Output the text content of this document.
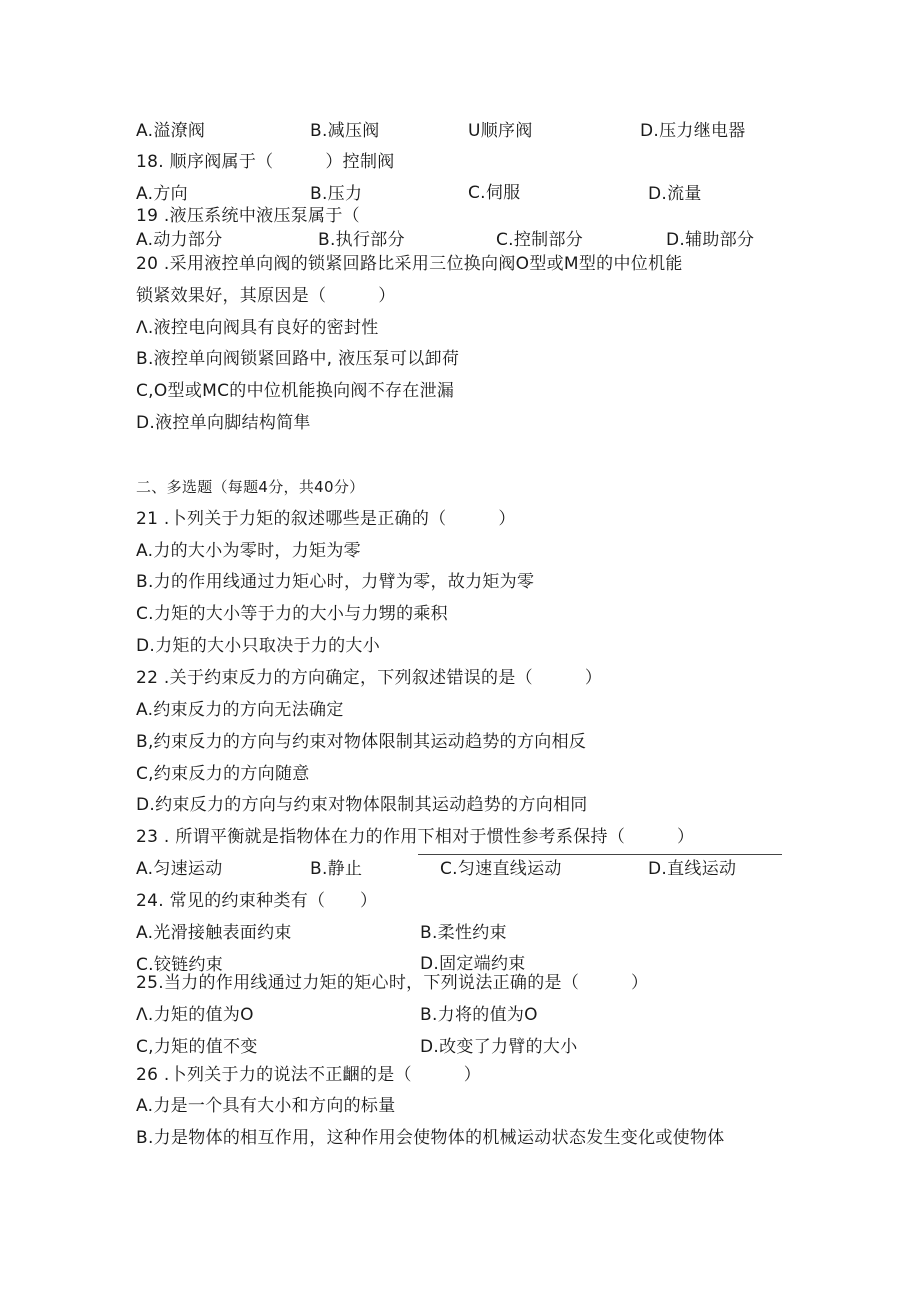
A.溢潦阀	B.减压阀	U顺序阀	D.压力继电器
18. 顺序阀属于（　　　）控制阀
A.方向	B.压力	C.伺服	D.流量
19 .液压系统中液压泵属于（
A.动力部分	B.执行部分	C.控制部分	D.辅助部分
20 .采用液控单向阀的锁紧回路比采用三位换向阀O型或M型的中位机能
锁紧效果好，其原因是（　　　）
Λ.液控电向阀具有良好的密封性
B.液控单向阀锁紧回路中, 液压泵可以卸荷
C,O型或MC的中位机能换向阀不存在泄漏
D.液控单向脚结构简隼
二、多选题（每题4分，共40分）
21 .卜列关于力矩的叙述哪些是正确的（　　　）
A.力的大小为零时，力矩为零
B.力的作用线通过力矩心时，力臂为零，故力矩为零
C.力矩的大小等于力的大小与力甥的乘积
D.力矩的大小只取决于力的大小
22 .关于约束反力的方向确定，下列叙述错误的是（　　　）
A.约束反力的方向无法确定
B,约束反力的方向与约束对物体限制其运动趋势的方向相反
C,约束反力的方向随意
D.约束反力的方向与约束对物体限制其运动趋势的方向相同
23 . 所谓平衡就是指物体在力的作用下相对于惯性参考系保持（　　　）
A.匀速运动	B.静止	C.匀速直线运动	D.直线运动
24. 常见的约束种类有（　　）
A.光滑接触表面约束	B.柔性约束
C.铰链约束	D.固定端约束
25.当力的作用线通过力矩的矩心时，下列说法正确的是（　　　）
Λ.力矩的值为O	B.力将的值为O
C,力矩的值不变	D.改变了力臂的大小
26 .卜列关于力的说法不正齫的是（　　　）
A.力是一个具有大小和方向的标量
B.力是物体的相互作用，这种作用会使物体的机械运动状态发生变化或使物体
